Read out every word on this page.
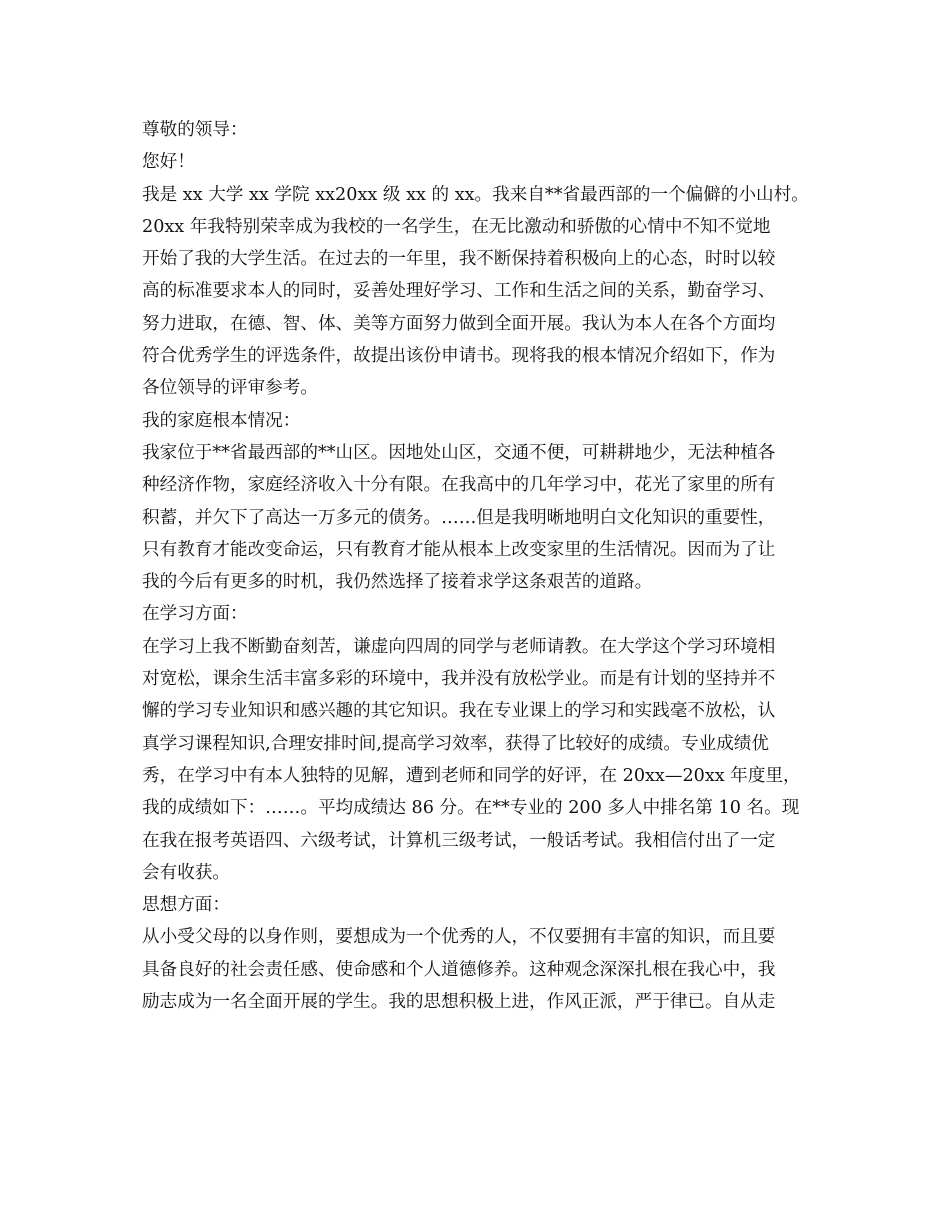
尊敬的领导：
您好！
我是 xx 大学 xx 学院 xx20xx 级 xx 的 xx。我来自**省最西部的一个偏僻的小山村。
20xx 年我特别荣幸成为我校的一名学生，在无比激动和骄傲的心情中不知不觉地
开始了我的大学生活。在过去的一年里，我不断保持着积极向上的心态，时时以较
高的标准要求本人的同时，妥善处理好学习、工作和生活之间的关系，勤奋学习、
努力进取，在德、智、体、美等方面努力做到全面开展。我认为本人在各个方面均
符合优秀学生的评选条件，故提出该份申请书。现将我的根本情况介绍如下，作为
各位领导的评审参考。
我的家庭根本情况：
我家位于**省最西部的**山区。因地处山区，交通不便，可耕耕地少，无法种植各
种经济作物，家庭经济收入十分有限。在我高中的几年学习中，花光了家里的所有
积蓄，并欠下了高达一万多元的债务。……但是我明晰地明白文化知识的重要性，
只有教育才能改变命运，只有教育才能从根本上改变家里的生活情况。因而为了让
我的今后有更多的时机，我仍然选择了接着求学这条艰苦的道路。
在学习方面：
在学习上我不断勤奋刻苦，谦虚向四周的同学与老师请教。在大学这个学习环境相
对宽松，课余生活丰富多彩的环境中，我并没有放松学业。而是有计划的坚持并不
懈的学习专业知识和感兴趣的其它知识。我在专业课上的学习和实践毫不放松，认
真学习课程知识,合理安排时间,提高学习效率，获得了比较好的成绩。专业成绩优
秀，在学习中有本人独特的见解，遭到老师和同学的好评，在 20xx—20xx 年度里，
我的成绩如下：……。平均成绩达 86 分。在**专业的 200 多人中排名第 10 名。现
在我在报考英语四、六级考试，计算机三级考试，一般话考试。我相信付出了一定
会有收获。
思想方面：
从小受父母的以身作则，要想成为一个优秀的人，不仅要拥有丰富的知识，而且要
具备良好的社会责任感、使命感和个人道德修养。这种观念深深扎根在我心中，我
励志成为一名全面开展的学生。我的思想积极上进，作风正派，严于律已。自从走
